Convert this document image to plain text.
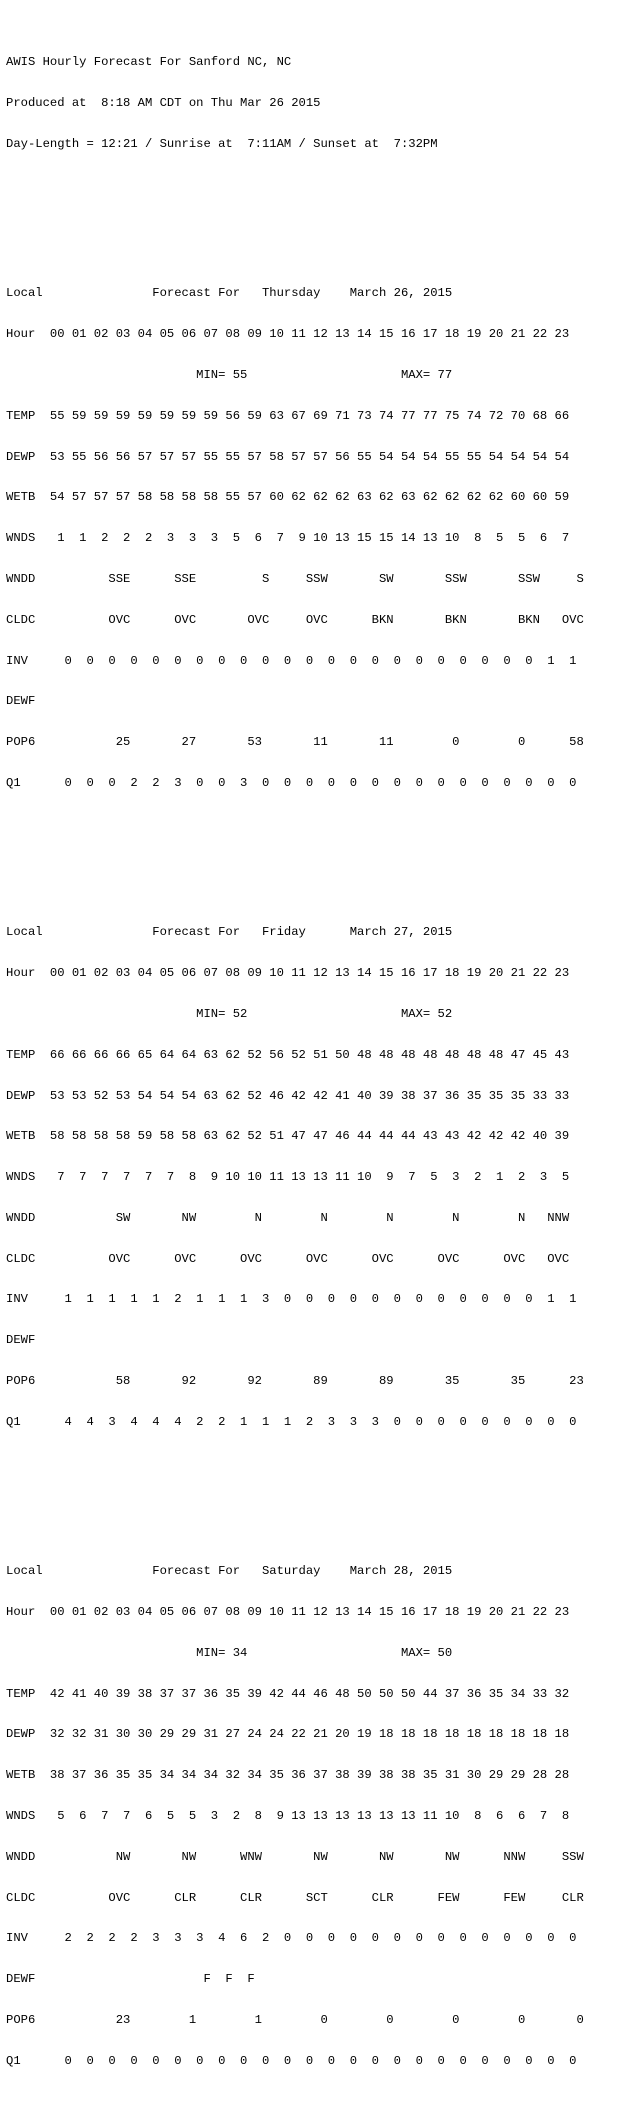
AWIS Hourly Forecast For Sanford NC, NC

Produced at  8:18 AM CDT on Thu Mar 26 2015

Day-Length = 12:21 / Sunrise at  7:11AM / Sunset at  7:32PM

Local               Forecast For   Thursday    March 26, 2015

Hour  00 01 02 03 04 05 06 07 08 09 10 11 12 13 14 15 16 17 18 19 20 21 22 23

MIN= 55                     MAX= 77

TEMP  55 59 59 59 59 59 59 59 56 59 63 67 69 71 73 74 77 77 75 74 72 70 68 66

DEWP  53 55 56 56 57 57 57 55 55 57 58 57 57 56 55 54 54 54 55 55 54 54 54 54

WETB  54 57 57 57 58 58 58 58 55 57 60 62 62 62 63 62 63 62 62 62 62 60 60 59

WNDS   1  1  2  2  2  3  3  3  5  6  7  9 10 13 15 15 14 13 10  8  5  5  6  7

WNDD          SSE      SSE         S     SSW       SW       SSW       SSW     S

CLDC          OVC      OVC       OVC     OVC      BKN       BKN       BKN   OVC

INV     0  0  0  0  0  0  0  0  0  0  0  0  0  0  0  0  0  0  0  0  0  0  1  1

DEWF

POP6           25       27       53       11       11        0        0      58

Q1      0  0  0  2  2  3  0  0  3  0  0  0  0  0  0  0  0  0  0  0  0  0  0  0

Local               Forecast For   Friday      March 27, 2015

Hour  00 01 02 03 04 05 06 07 08 09 10 11 12 13 14 15 16 17 18 19 20 21 22 23

MIN= 52                     MAX= 52

TEMP  66 66 66 66 65 64 64 63 62 52 56 52 51 50 48 48 48 48 48 48 48 47 45 43

DEWP  53 53 52 53 54 54 54 63 62 52 46 42 42 41 40 39 38 37 36 35 35 35 33 33

WETB  58 58 58 58 59 58 58 63 62 52 51 47 47 46 44 44 44 43 43 42 42 42 40 39

WNDS   7  7  7  7  7  7  8  9 10 10 11 13 13 11 10  9  7  5  3  2  1  2  3  5

WNDD           SW       NW        N        N        N        N        N   NNW

CLDC          OVC      OVC      OVC      OVC      OVC      OVC      OVC   OVC

INV     1  1  1  1  1  2  1  1  1  3  0  0  0  0  0  0  0  0  0  0  0  0  1  1

DEWF

POP6           58       92       92       89       89       35       35      23

Q1      4  4  3  4  4  4  2  2  1  1  1  2  3  3  3  0  0  0  0  0  0  0  0  0

Local               Forecast For   Saturday    March 28, 2015

Hour  00 01 02 03 04 05 06 07 08 09 10 11 12 13 14 15 16 17 18 19 20 21 22 23

MIN= 34                     MAX= 50

TEMP  42 41 40 39 38 37 37 36 35 39 42 44 46 48 50 50 50 44 37 36 35 34 33 32

DEWP  32 32 31 30 30 29 29 31 27 24 24 22 21 20 19 18 18 18 18 18 18 18 18 18

WETB  38 37 36 35 35 34 34 34 32 34 35 36 37 38 39 38 38 35 31 30 29 29 28 28

WNDS   5  6  7  7  6  5  5  3  2  8  9 13 13 13 13 13 13 11 10  8  6  6  7  8

WNDD           NW       NW      WNW       NW       NW       NW      NNW     SSW

CLDC          OVC      CLR      CLR      SCT      CLR      FEW      FEW     CLR

INV     2  2  2  2  3  3  3  4  6  2  0  0  0  0  0  0  0  0  0  0  0  0  0  0

DEWF                       F  F  F

POP6           23        1        1        0        0        0        0       0

Q1      0  0  0  0  0  0  0  0  0  0  0  0  0  0  0  0  0  0  0  0  0  0  0  0
